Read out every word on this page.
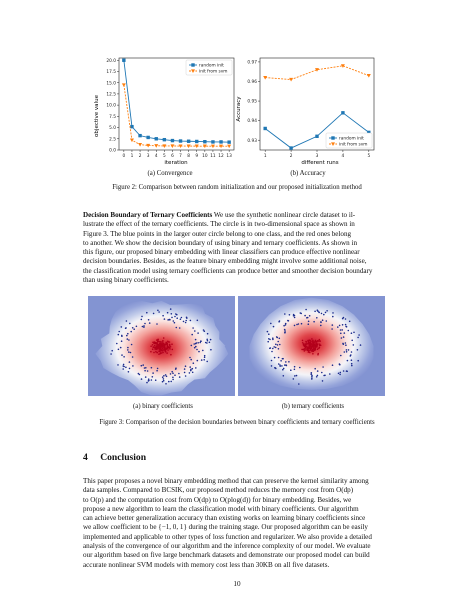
objective value
iteration
0.0
2.5
5.0
7.5
10.0
12.5
15.0
17.5
20.0
0 1 2 3 4 5 6 7 8 9 10 11 12 13
random init
init from svm
(a) Convergence
Accuracy
different runs
0.93
0.94
0.95
0.96
0.97
1	2	3	4	5
random init
init from svm
(b) Accuracy
Figure 2: Comparison between random initialization and our proposed initialization method
Decision Boundary of Ternary Coefficients We use the synthetic nonlinear circle dataset to il-
lustrate the effect of the ternary coefficients. The circle is in two-dimensional space as shown in
Figure 3. The blue points in the larger outer circle belong to one class, and the red ones belong
to another. We show the decision boundary of using binary and ternary coefficients. As shown in
this figure, our proposed binary embedding with linear classifiers can produce effective nonlinear
decision boundaries. Besides, as the feature binary embedding might involve some additional noise,
the classification model using ternary coefficients can produce better and smoother decision boundary
than using binary coefficients.
(a) binary coefficients	(b) ternary coefficients
Figure 3: Comparison of the decision boundaries between binary coefficients and ternary coefficients
4 Conclusion
This paper proposes a novel binary embedding method that can preserve the kernel similarity among
data samples. Compared to BCSIK, our proposed method reduces the memory cost from O(dp)
to O(p) and the computation cost from O(dp) to O(plog(d)) for binary embedding. Besides, we
propose a new algorithm to learn the classification model with binary coefficients. Our algorithm
can achieve better generalization accuracy than existing works on learning binary coefficients since
we allow coefficient to be {−1, 0, 1} during the training stage. Our proposed algorithm can be easily
implemented and applicable to other types of loss function and regularizer. We also provide a detailed
analysis of the convergence of our algorithm and the inference complexity of our model. We evaluate
our algorithm based on five large benchmark datasets and demonstrate our proposed model can build
accurate nonlinear SVM models with memory cost less than 30KB on all five datasets.
10
